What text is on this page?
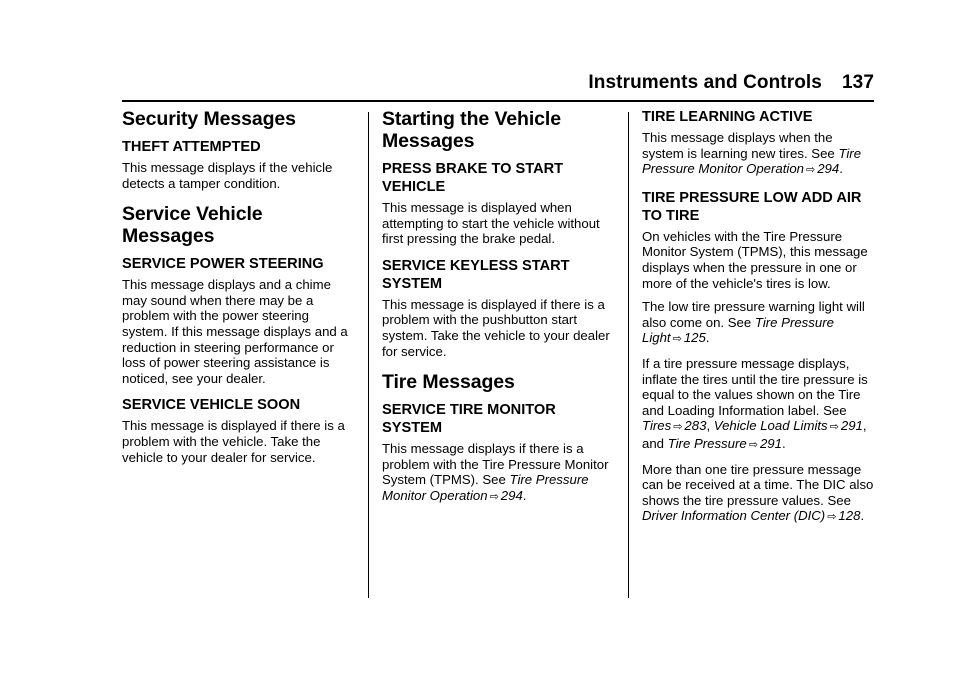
Instruments and Controls 137
Security Messages
THEFT ATTEMPTED

This message displays if the vehicle detects a tamper condition.

Service Vehicle Messages
SERVICE POWER STEERING

This message displays and a chime may sound when there may be a problem with the power steering system. If this message displays and a reduction in steering performance or loss of power steering assistance is noticed, see your dealer.

SERVICE VEHICLE SOON

This message is displayed if there is a problem with the vehicle. Take the vehicle to your dealer for service.

Starting the Vehicle Messages
PRESS BRAKE TO START VEHICLE

This message is displayed when attempting to start the vehicle without first pressing the brake pedal.

SERVICE KEYLESS START SYSTEM

This message is displayed if there is a problem with the pushbutton start system. Take the vehicle to your dealer for service.

Tire Messages
SERVICE TIRE MONITOR SYSTEM

This message displays if there is a problem with the Tire Pressure Monitor System (TPMS). See Tire Pressure Monitor Operation ⇨ 294.

TIRE LEARNING ACTIVE

This message displays when the system is learning new tires. See Tire Pressure Monitor Operation ⇨ 294.

TIRE PRESSURE LOW ADD AIR TO TIRE

On vehicles with the Tire Pressure Monitor System (TPMS), this message displays when the pressure in one or more of the vehicle's tires is low.

The low tire pressure warning light will also come on. See Tire Pressure Light ⇨ 125.

If a tire pressure message displays, inflate the tires until the tire pressure is equal to the values shown on the Tire and Loading Information label. See Tires ⇨ 283, Vehicle Load Limits ⇨ 291, and Tire Pressure ⇨ 291.

More than one tire pressure message can be received at a time. The DIC also shows the tire pressure values. See Driver Information Center (DIC) ⇨ 128.
